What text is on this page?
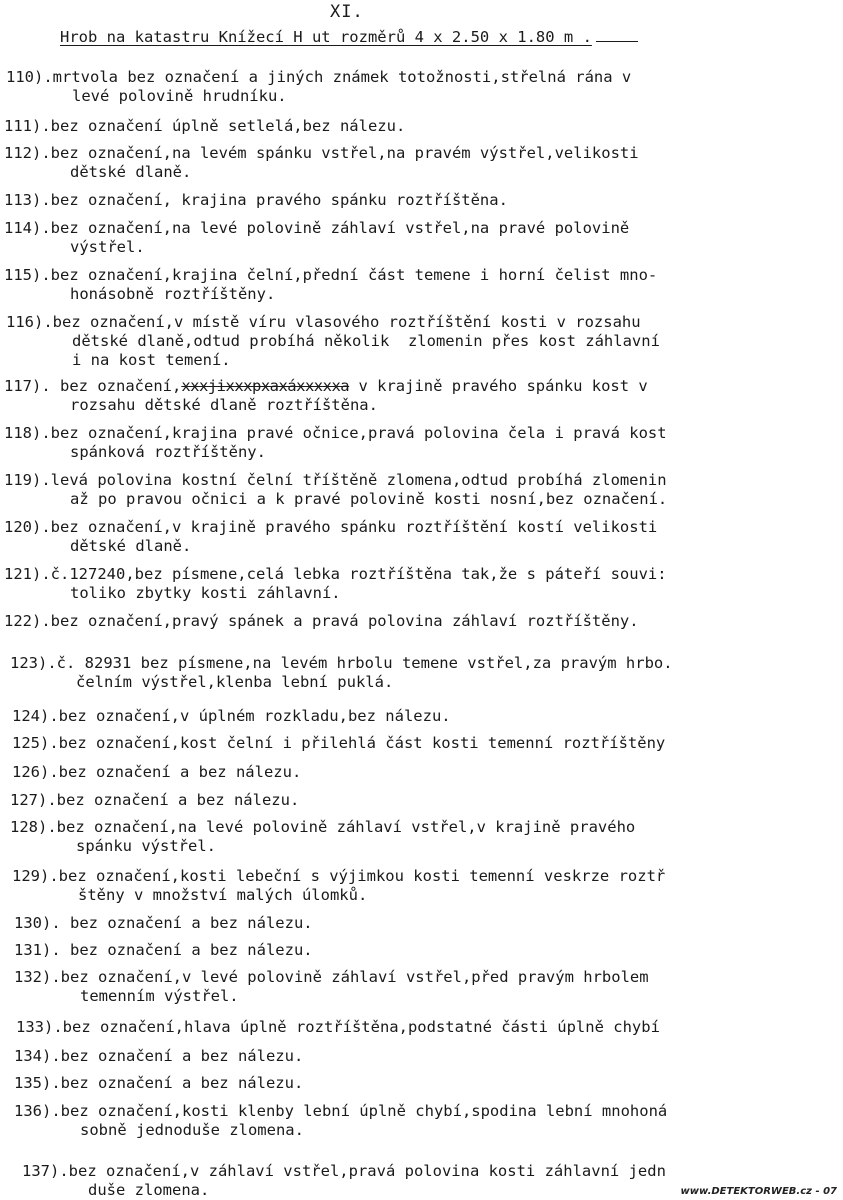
XI.
Hrob na katastru Knížecí H ut rozměrů 4 x 2.50 x 1.80 m .
110).mrtvola bez označení a jiných známek totožnosti,střelná rána v
levé polovině hrudníku.
111).bez označení úplně setlelá,bez nálezu.
112).bez označení,na levém spánku vstřel,na pravém výstřel,velikosti
dětské dlaně.
113).bez označení, krajina pravého spánku roztříštěna.
114).bez označení,na levé polovině záhlaví vstřel,na pravé polovině
výstřel.
115).bez označení,krajina čelní,přední část temene i horní čelist mno-
honásobně roztříštěny.
116).bez označení,v místě víru vlasového roztříštění kosti v rozsahu
dětské dlaně,odtud probíhá několik  zlomenin přes kost záhlavní
i na kost temení.
117). bez označení,xxxjixxxpxaxáxxxxxa v krajině pravého spánku kost v
rozsahu dětské dlaně roztříštěna.
118).bez označení,krajina pravé očnice,pravá polovina čela i pravá kost
spánková roztříštěny.
119).levá polovina kostní čelní tříštěně zlomena,odtud probíhá zlomenin
až po pravou očnici a k pravé polovině kosti nosní,bez označení.
120).bez označení,v krajině pravého spánku roztříštění kostí velikosti
dětské dlaně.
121).č.127240,bez písmene,celá lebka roztříštěna tak,že s páteří souvi:
toliko zbytky kosti záhlavní.
122).bez označení,pravý spánek a pravá polovina záhlaví roztříštěny.
123).č. 82931 bez písmene,na levém hrbolu temene vstřel,za pravým hrbo.
čelním výstřel,klenba lební puklá.
124).bez označení,v úplném rozkladu,bez nálezu.
125).bez označení,kost čelní i přilehlá část kosti temenní roztříštěny
126).bez označení a bez nálezu.
127).bez označení a bez nálezu.
128).bez označení,na levé polovině záhlaví vstřel,v krajině pravého
spánku výstřel.
129).bez označení,kosti lebeční s výjimkou kosti temenní veskrze roztř
štěny v množství malých úlomků.
130). bez označení a bez nálezu.
131). bez označení a bez nálezu.
132).bez označení,v levé polovině záhlaví vstřel,před pravým hrbolem
temenním výstřel.
133).bez označení,hlava úplně roztříštěna,podstatné části úplně chybí
134).bez označení a bez nálezu.
135).bez označení a bez nálezu.
136).bez označení,kosti klenby lební úplně chybí,spodina lební mnohoná
sobně jednoduše zlomena.
137).bez označení,v záhlaví vstřel,pravá polovina kosti záhlavní jedn
duše zlomena.	www.DETEKTORWEB.cz - 07
